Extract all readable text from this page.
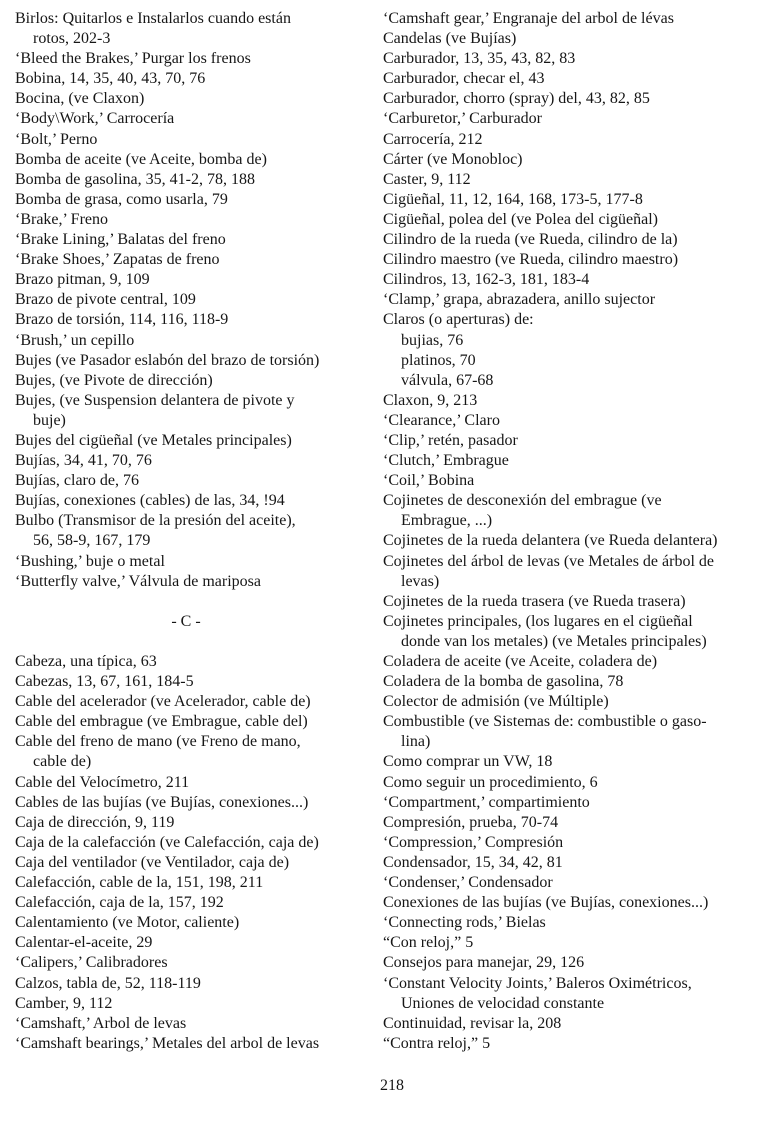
Birlos: Quitarlos e Instalarlos cuando están
rotos, 202-3
‘Bleed the Brakes,’ Purgar los frenos
Bobina, 14, 35, 40, 43, 70, 76
Bocina, (ve Claxon)
‘Body\Work,’ Carrocería
‘Bolt,’ Perno
Bomba de aceite (ve Aceite, bomba de)
Bomba de gasolina, 35, 41-2, 78, 188
Bomba de grasa, como usarla, 79
‘Brake,’ Freno
‘Brake Lining,’ Balatas del freno
‘Brake Shoes,’ Zapatas de freno
Brazo pitman, 9, 109
Brazo de pivote central, 109
Brazo de torsión, 114, 116, 118-9
‘Brush,’ un cepillo
Bujes (ve Pasador eslabón del brazo de torsión)
Bujes, (ve Pivote de dirección)
Bujes, (ve Suspension delantera de pivote y
buje)
Bujes del cigüeñal (ve Metales principales)
Bujías, 34, 41, 70, 76
Bujías, claro de, 76
Bujías, conexiones (cables) de las, 34, !94
Bulbo (Transmisor de la presión del aceite),
56, 58-9, 167, 179
‘Bushing,’ buje o metal
‘Butterfly valve,’ Válvula de mariposa
- C -
Cabeza, una típica, 63
Cabezas, 13, 67, 161, 184-5
Cable del acelerador (ve Acelerador, cable de)
Cable del embrague (ve Embrague, cable del)
Cable del freno de mano (ve Freno de mano,
cable de)
Cable del Velocímetro, 211
Cables de las bujías (ve Bujías, conexiones...)
Caja de dirección, 9, 119
Caja de la calefacción (ve Calefacción, caja de)
Caja del ventilador (ve Ventilador, caja de)
Calefacción, cable de la, 151, 198, 211
Calefacción, caja de la, 157, 192
Calentamiento (ve Motor, caliente)
Calentar-el-aceite, 29
‘Calipers,’ Calibradores
Calzos, tabla de, 52, 118-119
Camber, 9, 112
‘Camshaft,’ Arbol de levas
‘Camshaft bearings,’ Metales del arbol de levas
‘Camshaft gear,’ Engranaje del arbol de lévas
Candelas (ve Bujías)
Carburador, 13, 35, 43, 82, 83
Carburador, checar el, 43
Carburador, chorro (spray) del, 43, 82, 85
‘Carburetor,’ Carburador
Carrocería, 212
Cárter (ve Monobloc)
Caster, 9, 112
Cigüeñal, 11, 12, 164, 168, 173-5, 177-8
Cigüeñal, polea del (ve Polea del cigüeñal)
Cilindro de la rueda (ve Rueda, cilindro de la)
Cilindro maestro (ve Rueda, cilindro maestro)
Cilindros, 13, 162-3, 181, 183-4
‘Clamp,’ grapa, abrazadera, anillo sujector
Claros (o aperturas) de:
bujias, 76
platinos, 70
válvula, 67-68
Claxon, 9, 213
‘Clearance,’ Claro
‘Clip,’ retén, pasador
‘Clutch,’ Embrague
‘Coil,’ Bobina
Cojinetes de desconexión del embrague (ve
Embrague, ...)
Cojinetes de la rueda delantera (ve Rueda delantera)
Cojinetes del árbol de levas (ve Metales de árbol de
levas)
Cojinetes de la rueda trasera (ve Rueda trasera)
Cojinetes principales, (los lugares en el cigüeñal
donde van los metales) (ve Metales principales)
Coladera de aceite (ve Aceite, coladera de)
Coladera de la bomba de gasolina, 78
Colector de admisión (ve Múltiple)
Combustible (ve Sistemas de: combustible o gaso-
lina)
Como comprar un VW, 18
Como seguir un procedimiento, 6
‘Compartment,’ compartimiento
Compresión, prueba, 70-74
‘Compression,’ Compresión
Condensador, 15, 34, 42, 81
‘Condenser,’ Condensador
Conexiones de las bujías (ve Bujías, conexiones...)
‘Connecting rods,’ Bielas
“Con reloj,” 5
Consejos para manejar, 29, 126
‘Constant Velocity Joints,’ Baleros Oximétricos,
Uniones de velocidad constante
Continuidad, revisar la, 208
“Contra reloj,” 5
218
